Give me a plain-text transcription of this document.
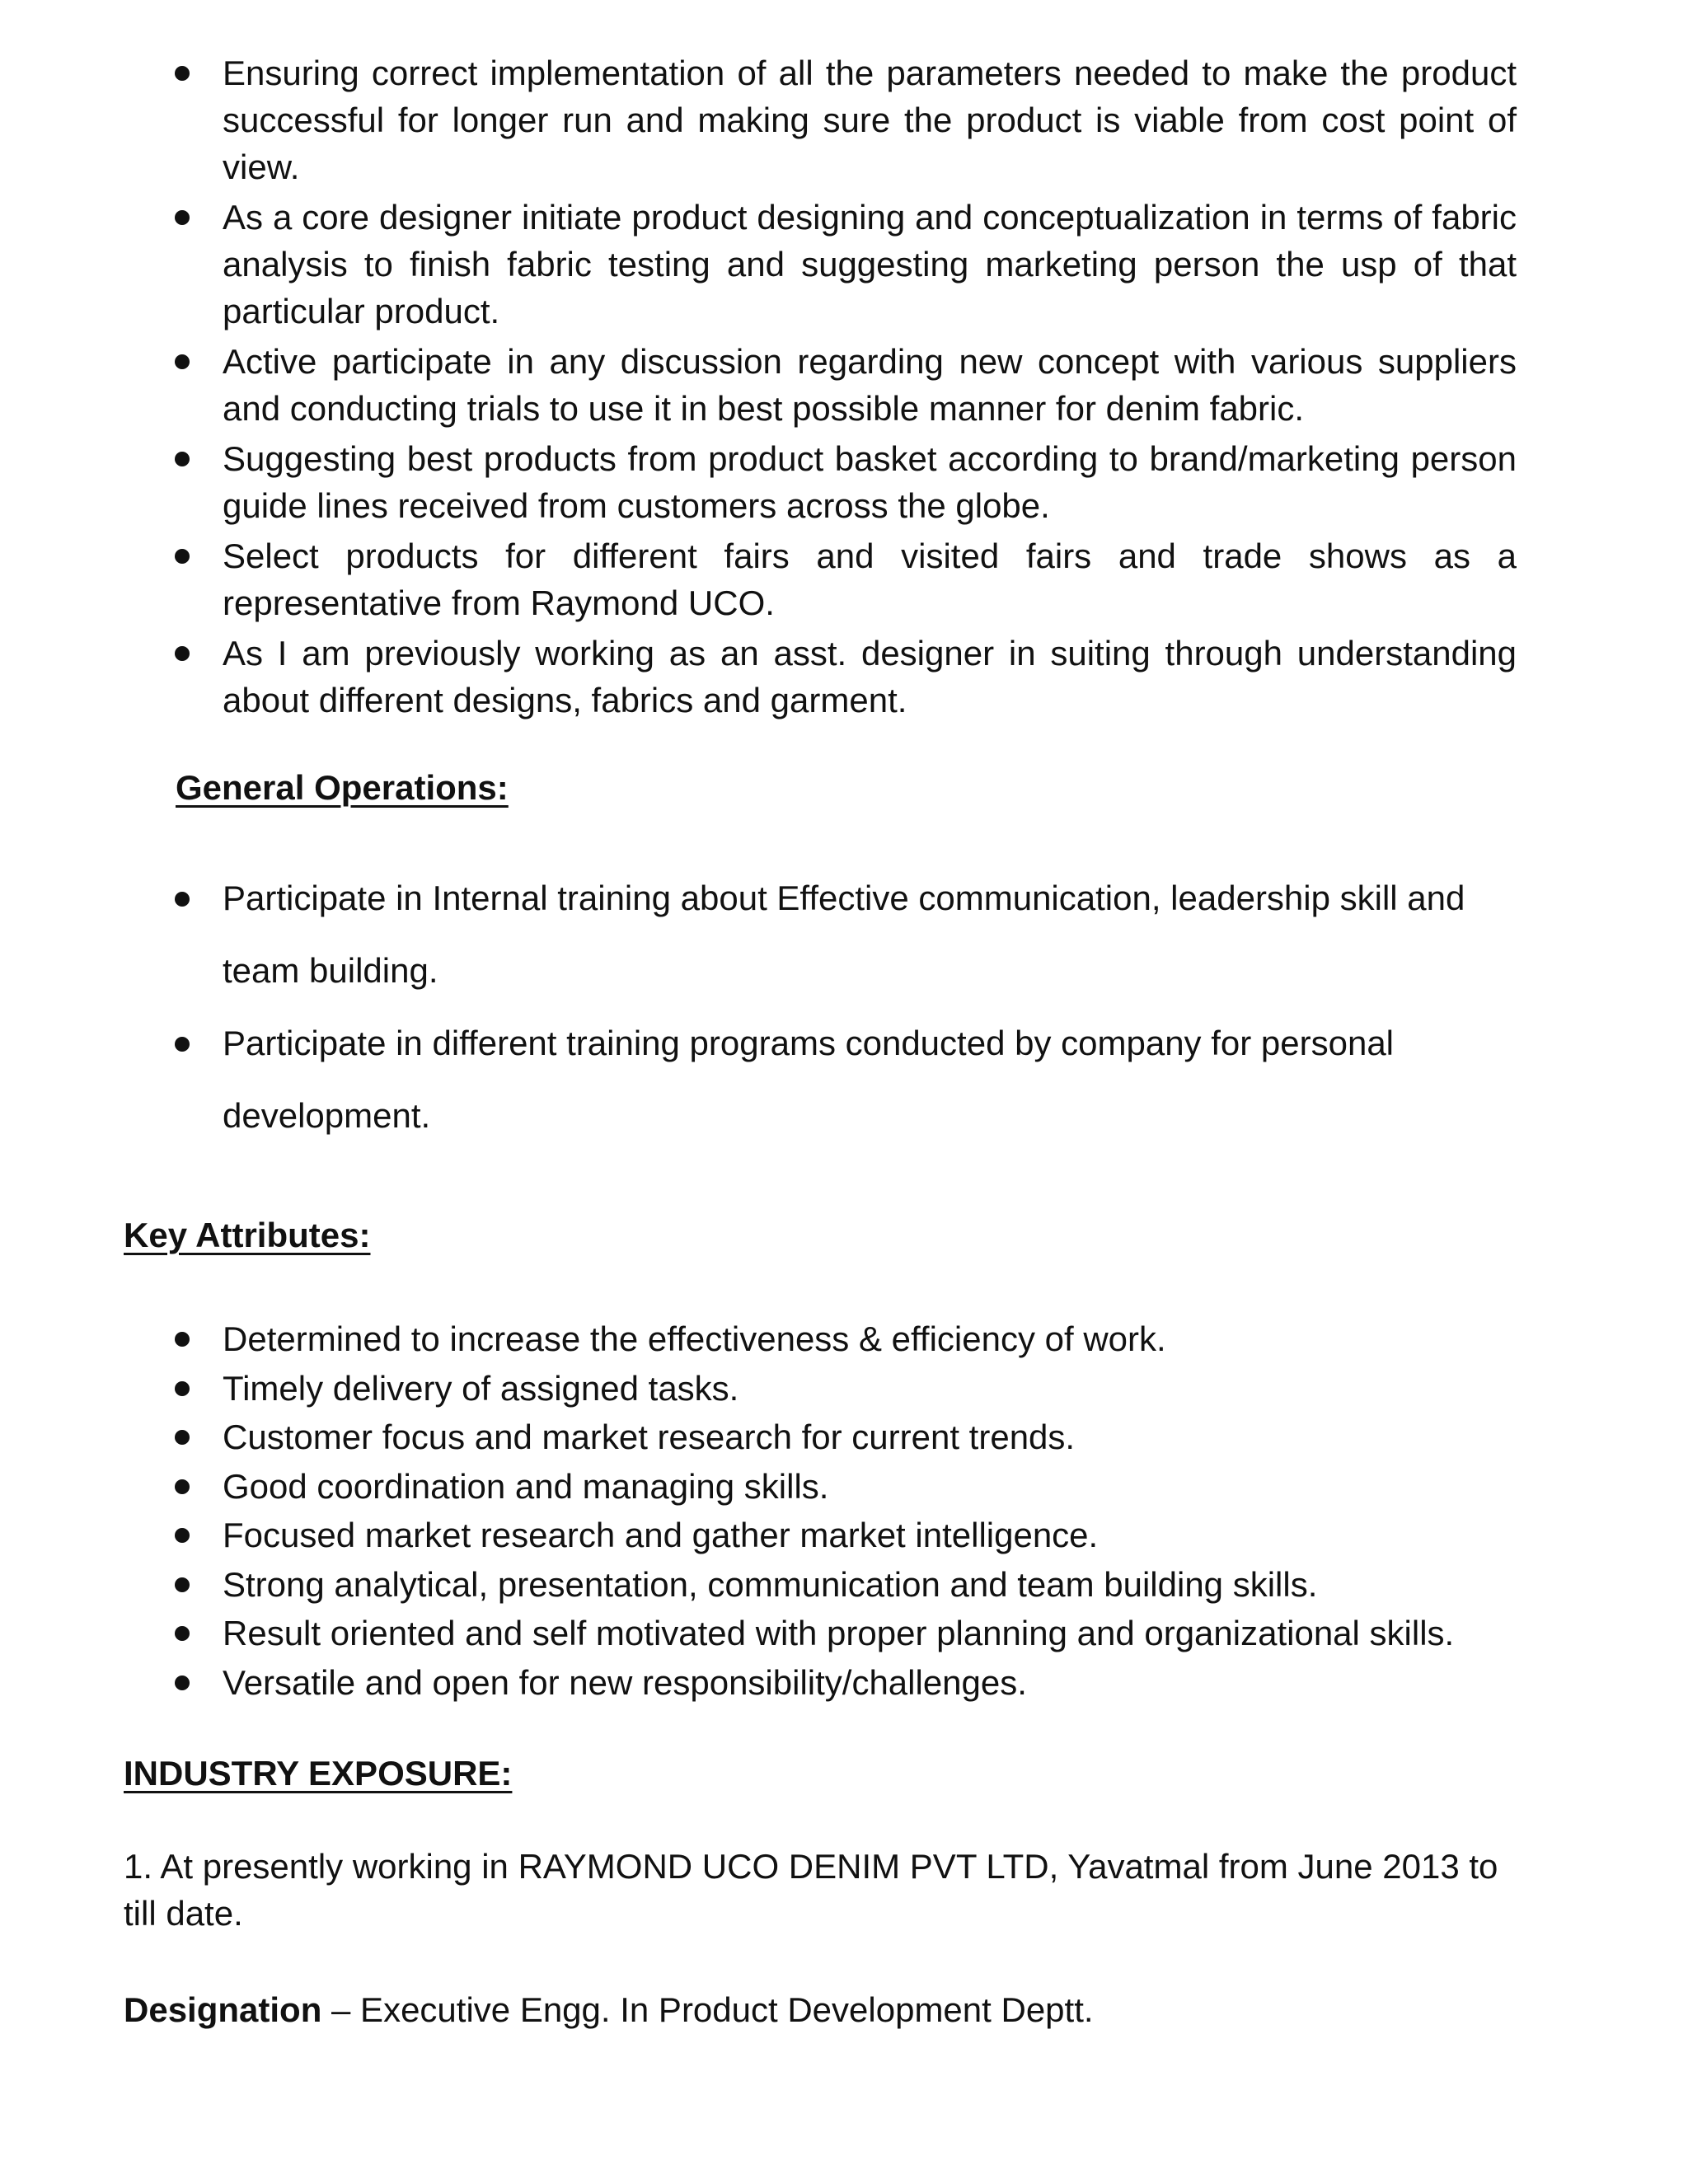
Ensuring correct implementation of all the parameters needed to make the product successful for longer run and making sure the product is viable from cost point of view.
As a core designer initiate product designing and conceptualization in terms of fabric analysis to finish fabric testing and suggesting marketing person the usp of that particular product.
Active participate in any discussion regarding new concept with various suppliers and conducting trials to use it in best possible manner for denim fabric.
Suggesting best products from product basket according to brand/marketing person guide lines received from customers across the globe.
Select products for different fairs and visited fairs and trade shows as a representative from Raymond UCO.
As I am previously working as an asst. designer in suiting through understanding about different designs, fabrics and garment.
General Operations:
Participate in Internal training about Effective communication, leadership skill and team building.
Participate in different training programs conducted by company for personal development.
Key Attributes:
Determined to increase the effectiveness & efficiency of work.
Timely delivery of assigned tasks.
Customer focus and market research for current trends.
Good coordination and managing skills.
Focused market research and gather market intelligence.
Strong analytical, presentation, communication and team building skills.
Result oriented and self motivated with proper planning and organizational skills.
Versatile and open for new responsibility/challenges.
INDUSTRY EXPOSURE:

1. At presently working in RAYMOND UCO DENIM PVT LTD, Yavatmal from June 2013 to till date.

Designation – Executive Engg. In Product Development Deptt.
